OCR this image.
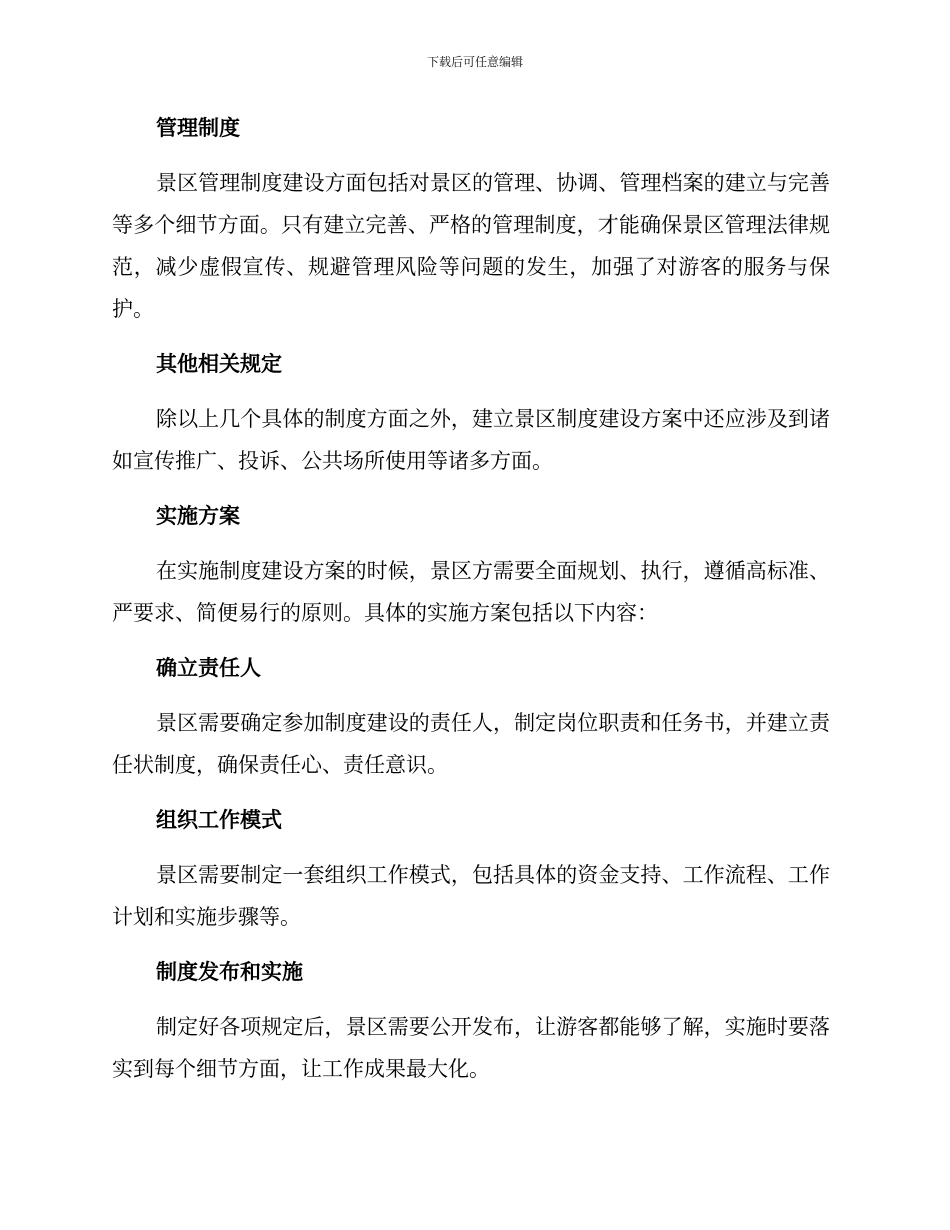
下载后可任意编辑
管理制度

景区管理制度建设方面包括对景区的管理、协调、管理档案的建立与完善等多个细节方面。只有建立完善、严格的管理制度，才能确保景区管理法律规范，减少虚假宣传、规避管理风险等问题的发生，加强了对游客的服务与保护。

其他相关规定

除以上几个具体的制度方面之外，建立景区制度建设方案中还应涉及到诸如宣传推广、投诉、公共场所使用等诸多方面。

实施方案

在实施制度建设方案的时候，景区方需要全面规划、执行，遵循高标准、严要求、简便易行的原则。具体的实施方案包括以下内容：

确立责任人

景区需要确定参加制度建设的责任人，制定岗位职责和任务书，并建立责任状制度，确保责任心、责任意识。

组织工作模式

景区需要制定一套组织工作模式，包括具体的资金支持、工作流程、工作计划和实施步骤等。

制度发布和实施

制定好各项规定后，景区需要公开发布，让游客都能够了解，实施时要落实到每个细节方面，让工作成果最大化。
